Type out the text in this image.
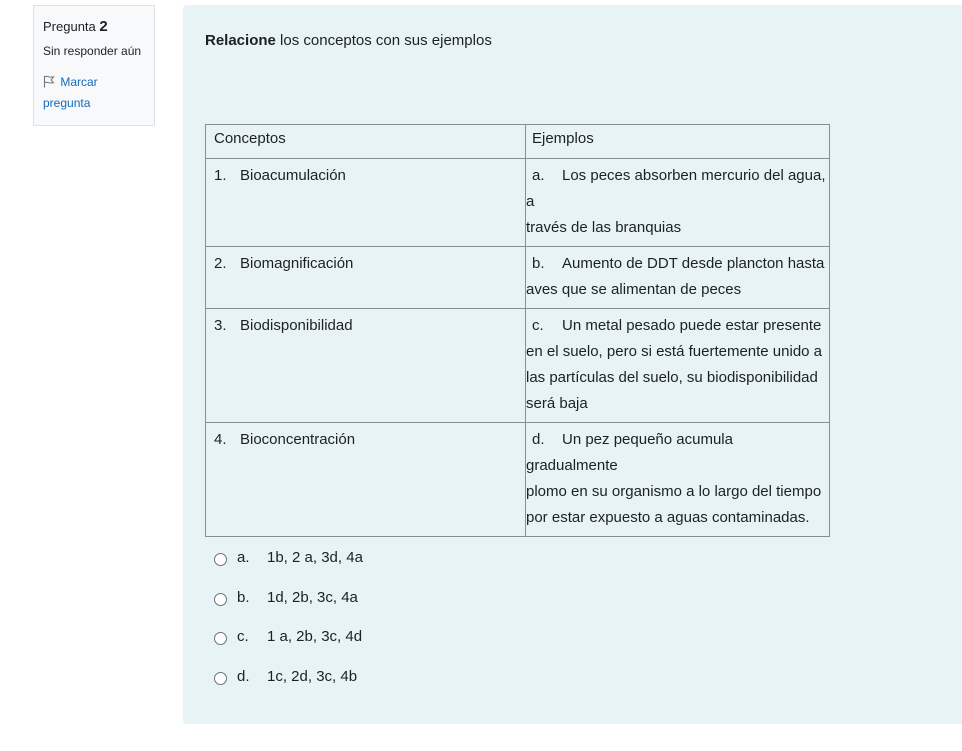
Pregunta 2
Sin responder aún
Marcar
pregunta
Relacione los conceptos con sus ejemplos
Conceptos	Ejemplos
1. Bioacumulación	a. Los peces absorben mercurio del agua, a
través de las branquias
2. Biomagnificación	b. Aumento de DDT desde plancton hasta
aves que se alimentan de peces
3. Biodisponibilidad	c. Un metal pesado puede estar presente
en el suelo, pero si está fuertemente unido a las partículas del suelo, su biodisponibilidad será baja
4. Bioconcentración	d. Un pez pequeño acumula gradualmente
plomo en su organismo a lo largo del tiempo por estar expuesto a aguas contaminadas.
a.	1b, 2 a, 3d, 4a
b.	1d, 2b, 3c, 4a
c.	1 a, 2b, 3c, 4d
d.	1c, 2d, 3c, 4b
